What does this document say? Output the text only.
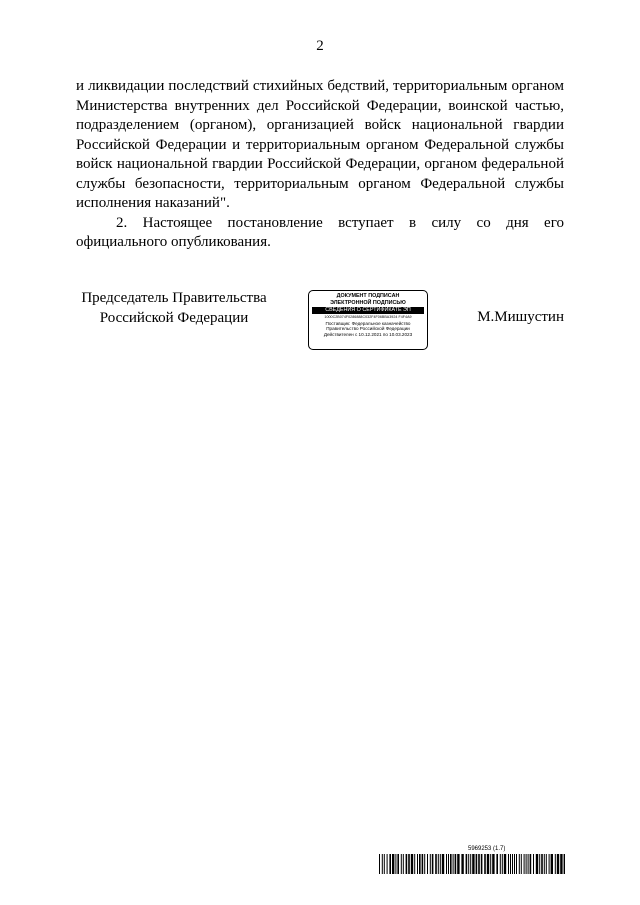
2

и ликвидации последствий стихийных бедствий, территориальным органом Министерства внутренних дел Российской Федерации, воинской частью, подразделением (органом), организацией войск национальной гвардии Российской Федерации и территориальным органом Федеральной службы войск национальной гвардии Российской Федерации, органом федеральной службы безопасности, территориальным органом Федеральной службы исполнения наказаний".

2. Настоящее постановление вступает в силу со дня его официального опубликования.

Председатель Правительства
Российской Федерации
ДОКУМЕНТ ПОДПИСАН
ЭЛЕКТРОННОЙ ПОДПИСЬЮ
СВЕДЕНИЯ О СЕРТИФИКАТЕ ЭП
1000C2B074F0286888C032F4F06BBA3924 F4F4A9
Поставщик: Федеральное казначейство
Правительство Российской Федерации
Действителен с 10.12.2021 по 10.03.2023
М.Мишустин
5969253 (1.7)
